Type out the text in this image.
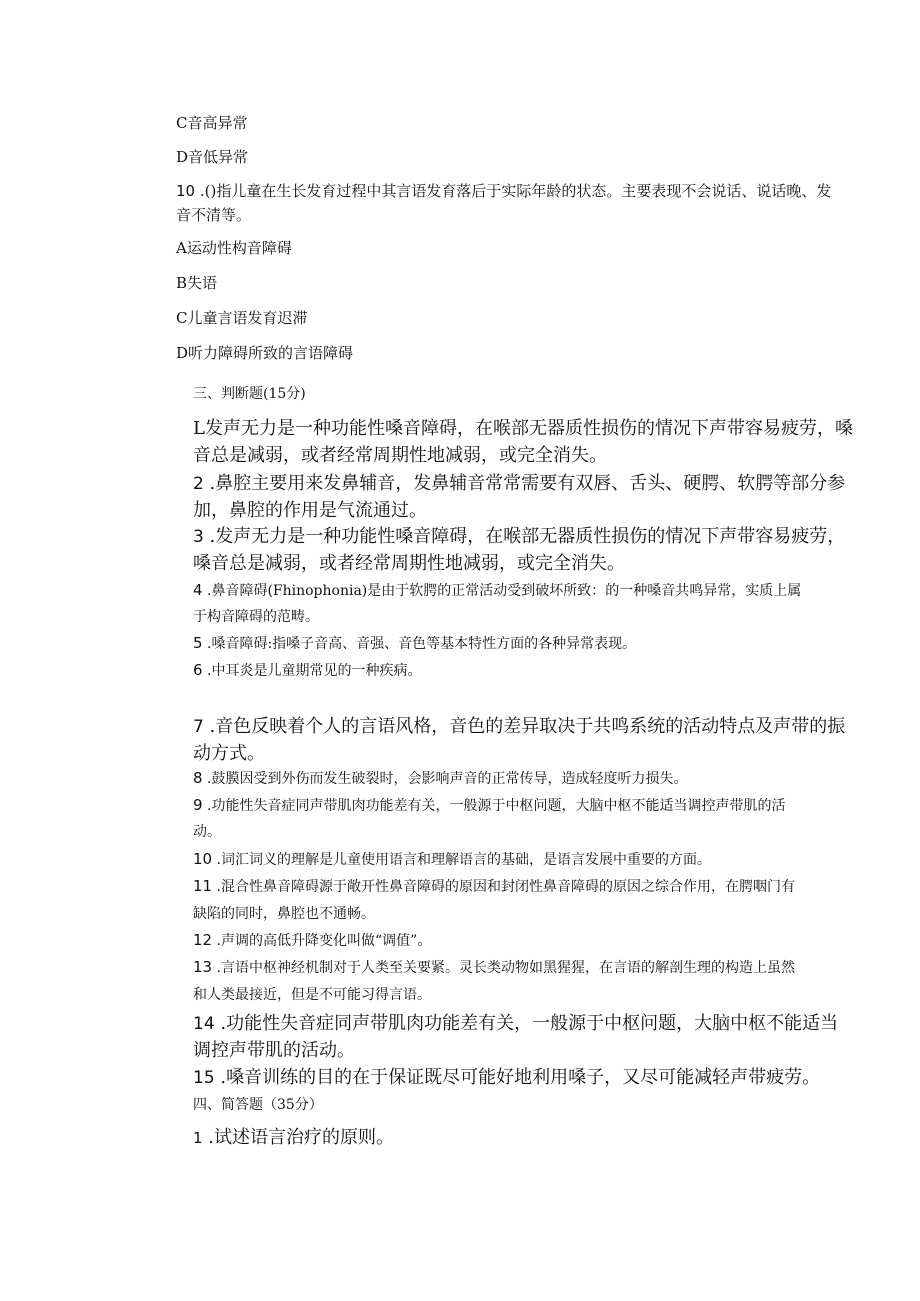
C音高异常
D音低异常
10 .()指儿童在生长发育过程中其言语发育落后于实际年龄的状态。主要表现不会说话、说话晚、发
音不清等。
A运动性构音障碍
B失语
C儿童言语发育迟滞
D听力障碍所致的言语障碍
三、判断题(15分)
L发声无力是一种功能性嗓音障碍，在喉部无器质性损伤的情况下声带容易疲劳，嗓
音总是减弱，或者经常周期性地减弱，或完全消失。
2 .鼻腔主要用来发鼻辅音，发鼻辅音常常需要有双唇、舌头、硬腭、软腭等部分参
加，鼻腔的作用是气流通过。
3 .发声无力是一种功能性嗓音障碍，在喉部无器质性损伤的情况下声带容易疲劳，
嗓音总是减弱，或者经常周期性地减弱，或完全消失。
4 .鼻音障碍(Fhinophonia)是由于软腭的正常活动受到破坏所致：的一种嗓音共鸣异常，实质上属
于构音障碍的范畴。
5 .嗓音障碍:指嗓子音高、音强、音色等基本特性方面的各种异常表现。
6 .中耳炎是儿童期常见的一种疾病。
7 .音色反映着个人的言语风格，音色的差异取决于共鸣系统的活动特点及声带的振
动方式。
8 .鼓膜因受到外伤而发生破裂时，会影响声音的正常传导，造成轻度听力损失。
9 .功能性失音症同声带肌肉功能差有关，一般源于中枢问题，大脑中枢不能适当调控声带肌的活
动。
10 .词汇词义的理解是儿童使用语言和理解语言的基础，是语言发展中重要的方面。
11 .混合性鼻音障碍源于敞开性鼻音障碍的原因和封闭性鼻音障碍的原因之综合作用，在腭咽门有
缺陷的同时，鼻腔也不通畅。
12 .声调的高低升降变化叫做“调值”。
13 .言语中枢神经机制对于人类至关要紧。灵长类动物如黑猩猩，在言语的解剖生理的构造上虽然
和人类最接近，但是不可能习得言语。
14 .功能性失音症同声带肌肉功能差有关，一般源于中枢问题，大脑中枢不能适当
调控声带肌的活动。
15 .嗓音训练的目的在于保证既尽可能好地利用嗓子，又尽可能减轻声带疲劳。
四、简答题（35分）
1 .试述语言治疗的原则。
